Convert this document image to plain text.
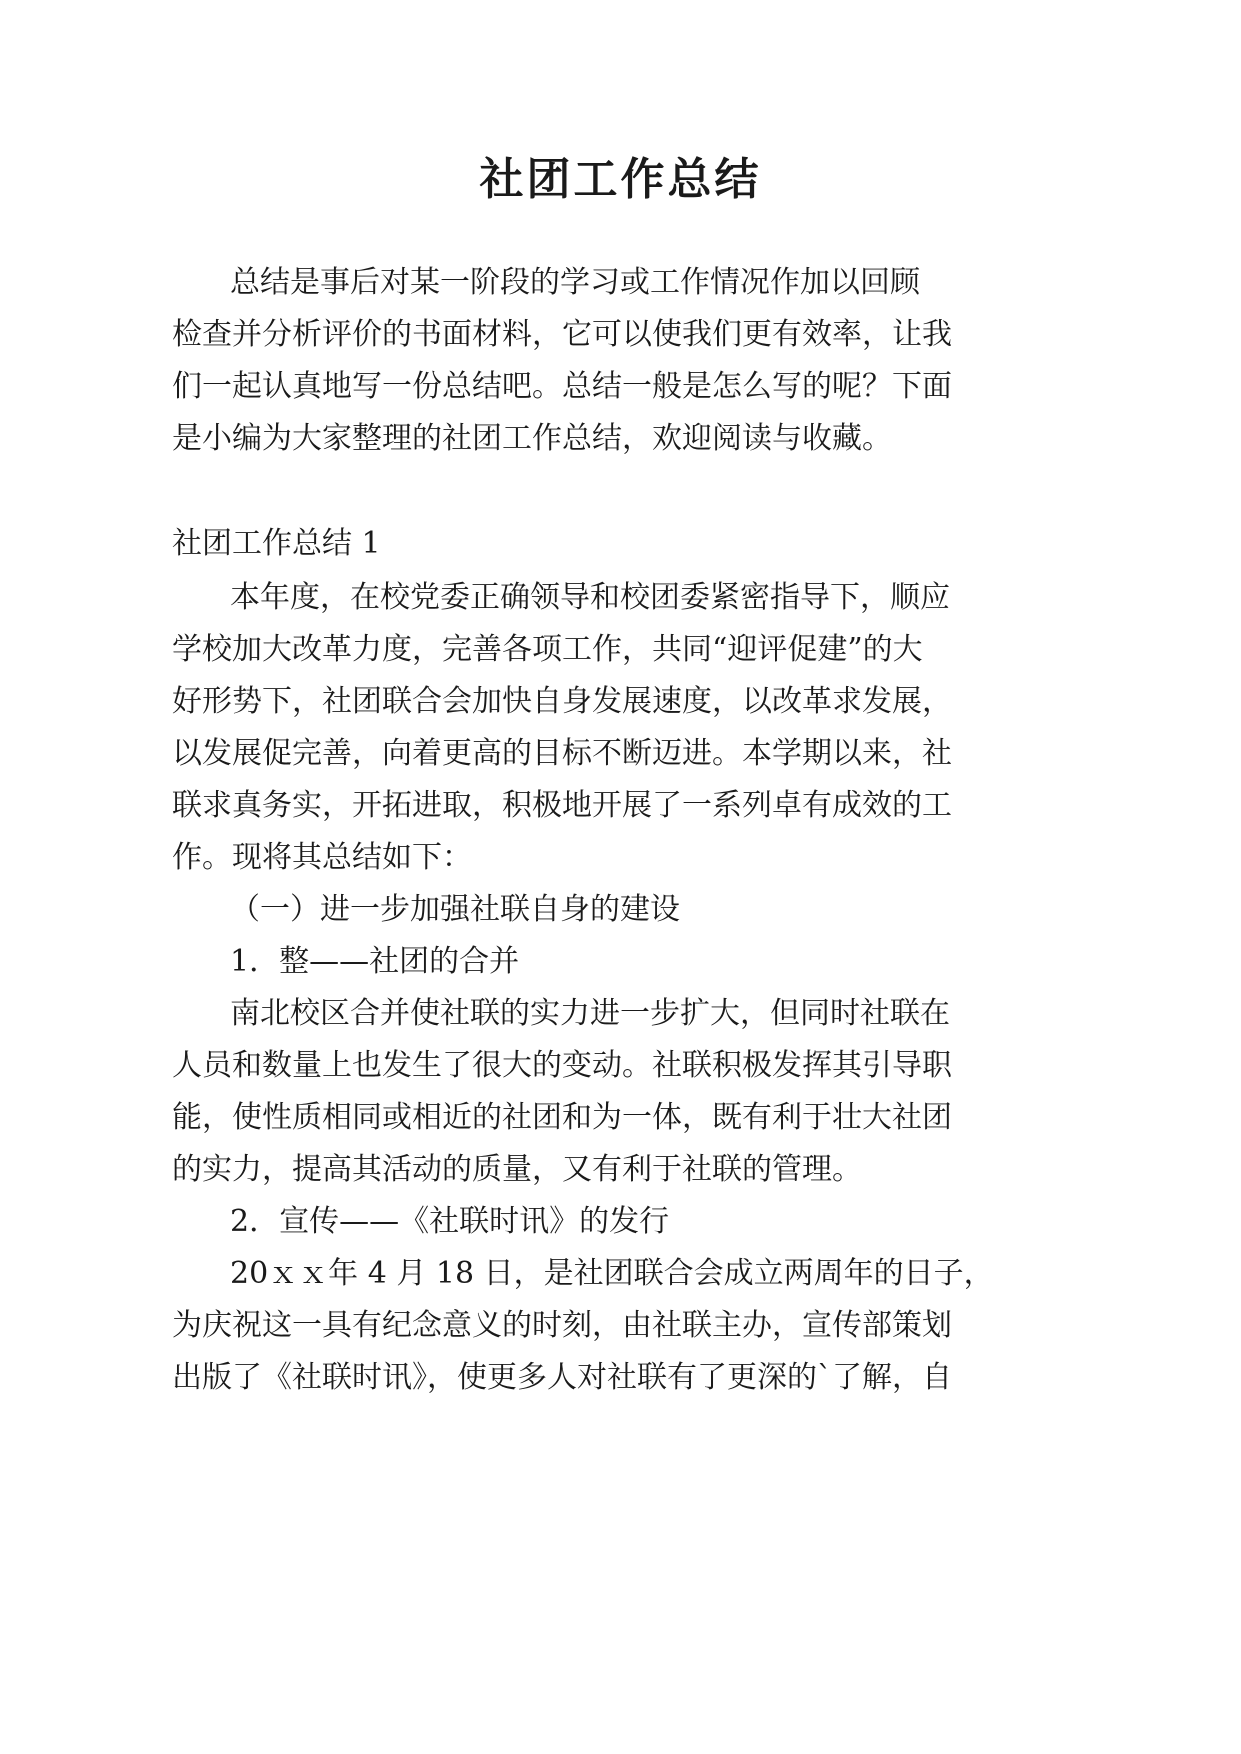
社团工作总结
总结是事后对某一阶段的学习或工作情况作加以回顾
检查并分析评价的书面材料，它可以使我们更有效率，让我
们一起认真地写一份总结吧。总结一般是怎么写的呢？下面
是小编为大家整理的社团工作总结，欢迎阅读与收藏。
社团工作总结 1
本年度，在校党委正确领导和校团委紧密指导下，顺应
学校加大改革力度，完善各项工作，共同“迎评促建”的大
好形势下，社团联合会加快自身发展速度，以改革求发展，
以发展促完善，向着更高的目标不断迈进。本学期以来，社
联求真务实，开拓进取，积极地开展了一系列卓有成效的工
作。现将其总结如下：
（一）进一步加强社联自身的建设
1．整——社团的合并
南北校区合并使社联的实力进一步扩大，但同时社联在
人员和数量上也发生了很大的变动。社联积极发挥其引导职
能，使性质相同或相近的社团和为一体，既有利于壮大社团
的实力，提高其活动的质量，又有利于社联的管理。
2．宣传——《社联时讯》的发行
20ｘｘ年 4 月 18 日，是社团联合会成立两周年的日子，
为庆祝这一具有纪念意义的时刻，由社联主办，宣传部策划
出版了《社联时讯》，使更多人对社联有了更深的`了解，自
